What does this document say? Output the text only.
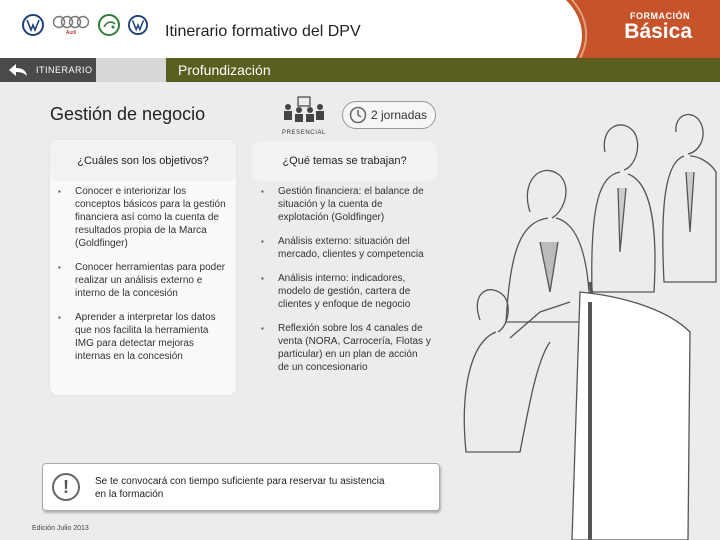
Audi	Itinerario formativo del DPV
FORMACIÓN
Básica
ITINERARIO	Profundización
Gestión de negocio
PRESENCIAL
2 jornadas
¿Cuáles son los objetivos?	¿Qué temas se trabajan?
▪ Conocer e interiorizar los conceptos básicos para la gestión financiera así como la cuenta de resultados propia de la Marca (Goldfinger)
▪ Conocer herramientas para poder realizar un análisis externo e interno de la concesión
▪ Aprender a interpretar los datos que nos facilita la herramienta IMG para detectar mejoras internas en la concesión
▪ Gestión financiera: el balance de situación y la cuenta de explotación (Goldfinger)
▪ Análisis externo: situación del mercado, clientes y competencia
▪ Análisis interno: indicadores, modelo de gestión, cartera de clientes y enfoque de negocio
▪ Reflexión sobre los 4 canales de venta (NORA, Carrocería, Flotas y particular) en un plan de acción de un concesionario
!	Se te convocará con tiempo suficiente para reservar tu asistencia en la formación
Edición Julio 2013
